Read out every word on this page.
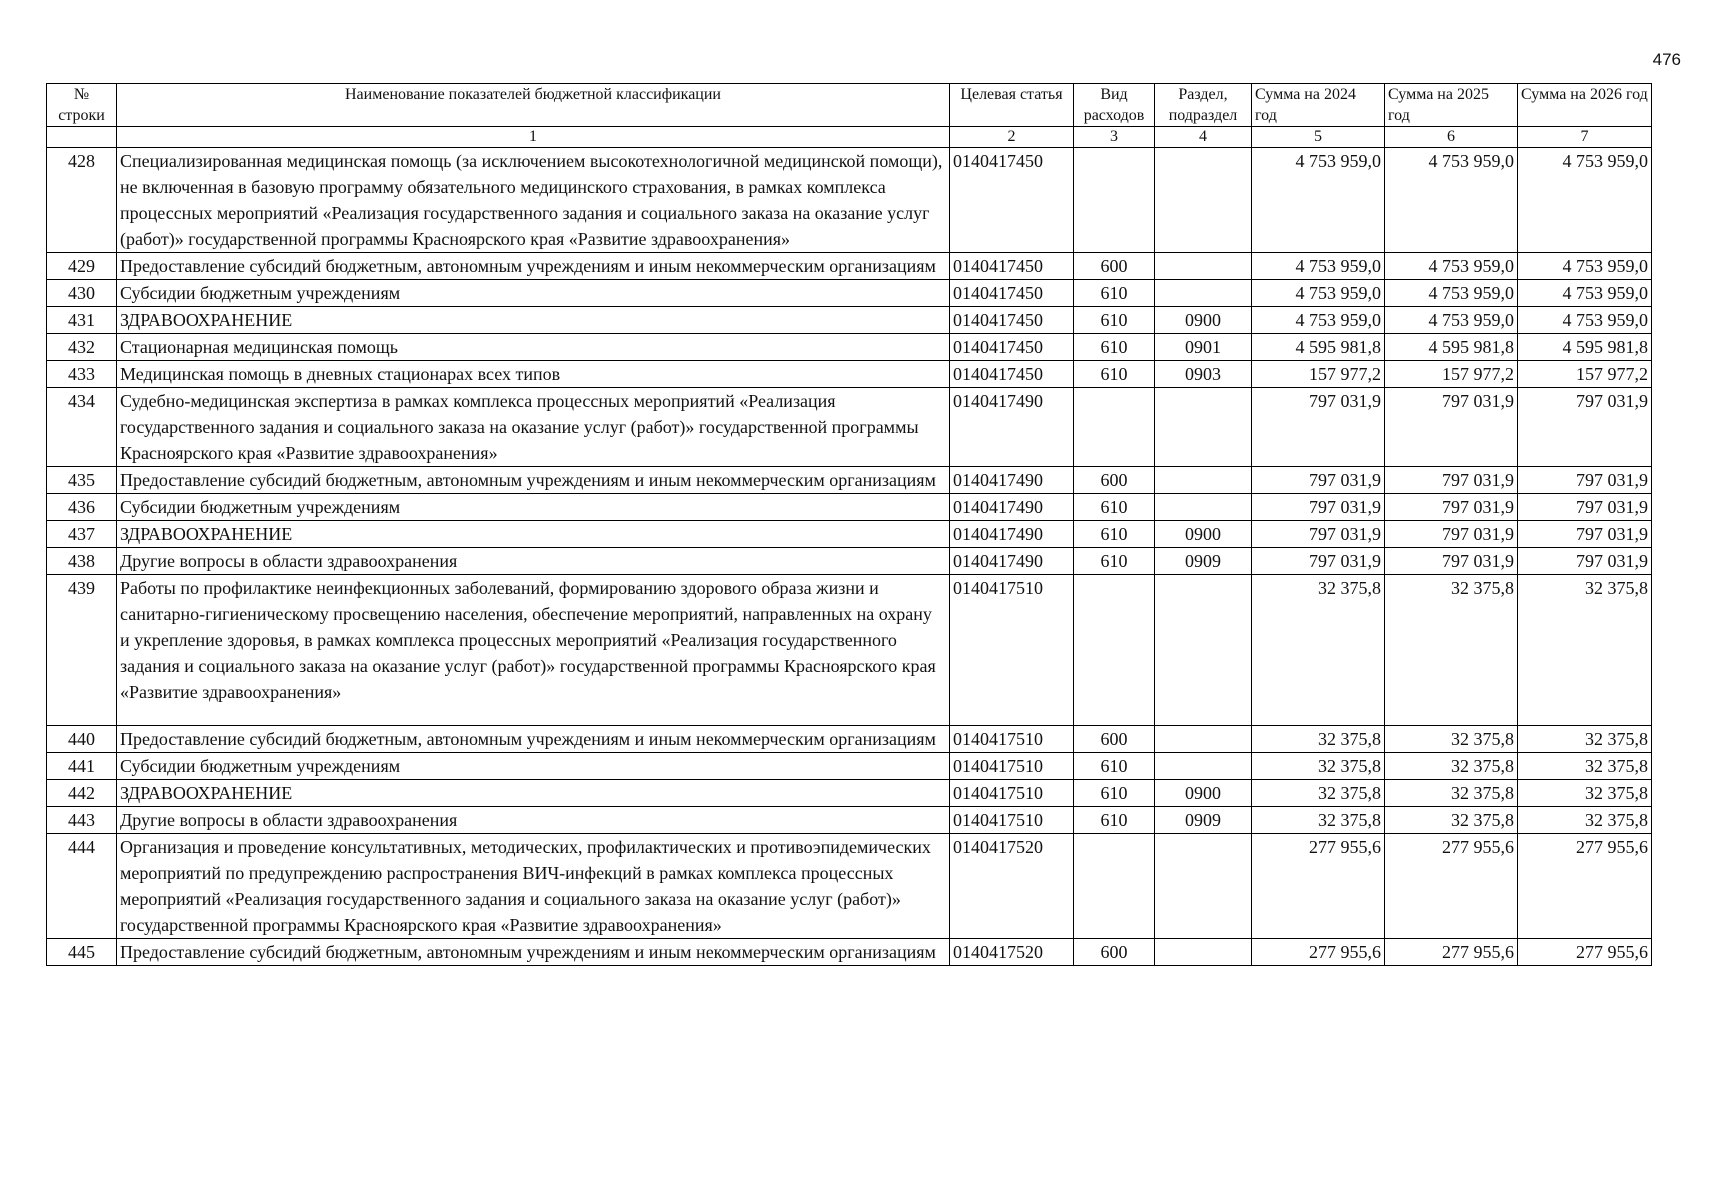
476
№ строки	Наименование показателей бюджетной классификации	Целевая статья	Вид расходов	Раздел, подраздел	Сумма на 2024 год	Сумма на 2025 год	Сумма на 2026 год
	1	2	3	4	5	6	7
428	Специализированная медицинская помощь (за исключением высокотехнологичной медицинской помощи), не включенная в базовую программу обязательного медицинского страхования, в рамках комплекса процессных мероприятий «Реализация государственного задания и социального заказа на оказание услуг (работ)» государственной программы Красноярского края «Развитие здравоохранения»	0140417450			4 753 959,0	4 753 959,0	4 753 959,0
429	Предоставление субсидий бюджетным, автономным учреждениям и иным некоммерческим организациям	0140417450	600		4 753 959,0	4 753 959,0	4 753 959,0
430	Субсидии бюджетным учреждениям	0140417450	610		4 753 959,0	4 753 959,0	4 753 959,0
431	ЗДРАВООХРАНЕНИЕ	0140417450	610	0900	4 753 959,0	4 753 959,0	4 753 959,0
432	Стационарная медицинская помощь	0140417450	610	0901	4 595 981,8	4 595 981,8	4 595 981,8
433	Медицинская помощь в дневных стационарах всех типов	0140417450	610	0903	157 977,2	157 977,2	157 977,2
434	Судебно-медицинская экспертиза в рамках комплекса процессных мероприятий «Реализация государственного задания и социального заказа на оказание услуг (работ)» государственной программы Красноярского края «Развитие здравоохранения»	0140417490			797 031,9	797 031,9	797 031,9
435	Предоставление субсидий бюджетным, автономным учреждениям и иным некоммерческим организациям	0140417490	600		797 031,9	797 031,9	797 031,9
436	Субсидии бюджетным учреждениям	0140417490	610		797 031,9	797 031,9	797 031,9
437	ЗДРАВООХРАНЕНИЕ	0140417490	610	0900	797 031,9	797 031,9	797 031,9
438	Другие вопросы в области здравоохранения	0140417490	610	0909	797 031,9	797 031,9	797 031,9
439	Работы по профилактике неинфекционных заболеваний, формированию здорового образа жизни и санитарно-гигиеническому просвещению населения, обеспечение мероприятий, направленных на охрану и укрепление здоровья, в рамках комплекса процессных мероприятий «Реализация государственного задания и социального заказа на оказание услуг (работ)» государственной программы Красноярского края «Развитие здравоохранения»	0140417510			32 375,8	32 375,8	32 375,8
440	Предоставление субсидий бюджетным, автономным учреждениям и иным некоммерческим организациям	0140417510	600		32 375,8	32 375,8	32 375,8
441	Субсидии бюджетным учреждениям	0140417510	610		32 375,8	32 375,8	32 375,8
442	ЗДРАВООХРАНЕНИЕ	0140417510	610	0900	32 375,8	32 375,8	32 375,8
443	Другие вопросы в области здравоохранения	0140417510	610	0909	32 375,8	32 375,8	32 375,8
444	Организация и проведение консультативных, методических, профилактических и противоэпидемических мероприятий по предупреждению распространения ВИЧ-инфекций в рамках комплекса процессных мероприятий «Реализация государственного задания и социального заказа на оказание услуг (работ)» государственной программы Красноярского края «Развитие здравоохранения»	0140417520			277 955,6	277 955,6	277 955,6
445	Предоставление субсидий бюджетным, автономным учреждениям и иным некоммерческим организациям	0140417520	600		277 955,6	277 955,6	277 955,6
